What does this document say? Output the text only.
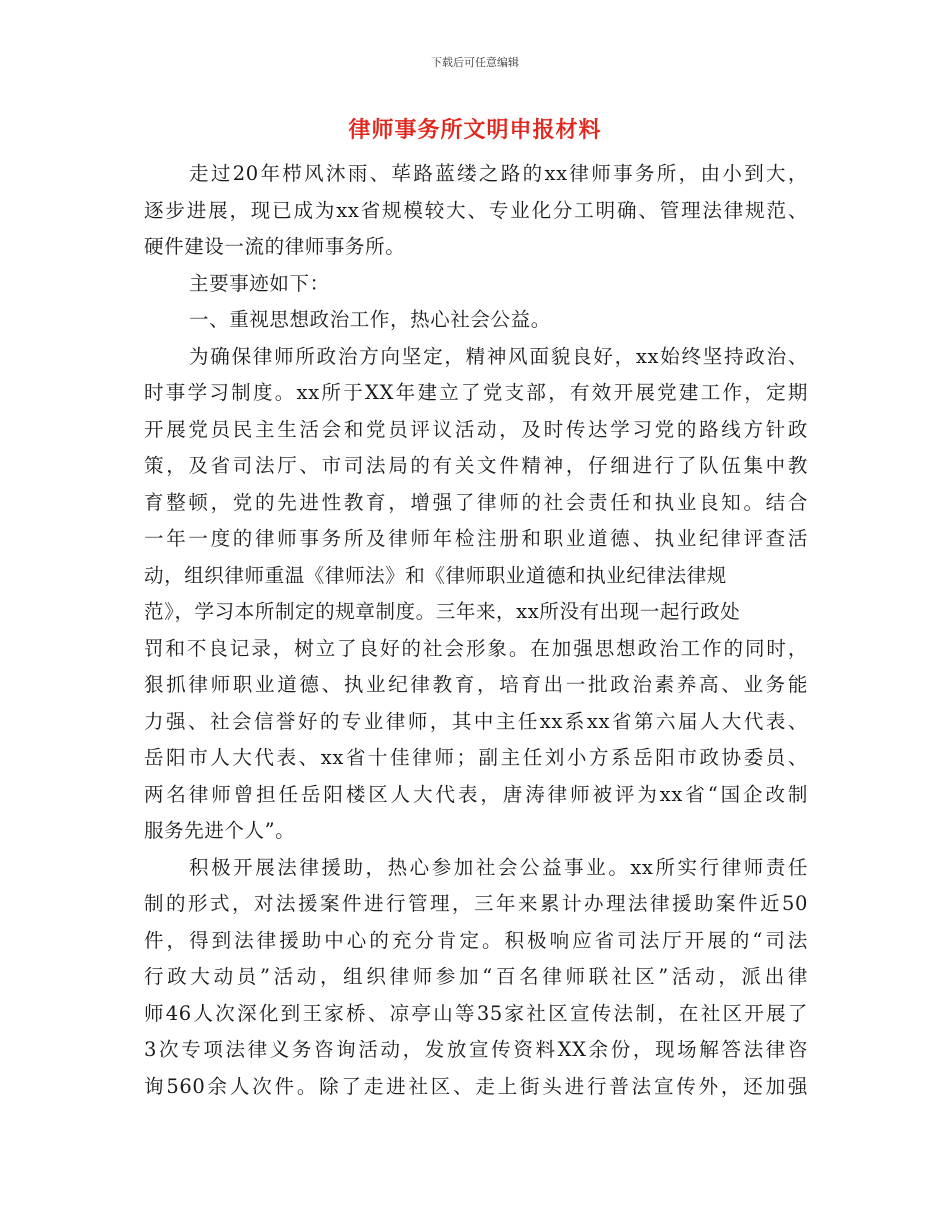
下载后可任意编辑
律师事务所文明申报材料
走过20年栉风沐雨、荜路蓝缕之路的xx律师事务所，由小到大，
逐步进展，现已成为xx省规模较大、专业化分工明确、管理法律规范、
硬件建设一流的律师事务所。
主要事迹如下：
一、重视思想政治工作，热心社会公益。
为确保律师所政治方向坚定，精神风面貌良好，xx始终坚持政治、
时事学习制度。xx所于XX年建立了党支部，有效开展党建工作，定期
开展党员民主生活会和党员评议活动，及时传达学习党的路线方针政
策，及省司法厅、市司法局的有关文件精神，仔细进行了队伍集中教
育整顿，党的先进性教育，增强了律师的社会责任和执业良知。结合
一年一度的律师事务所及律师年检注册和职业道德、执业纪律评查活
动，组织律师重温《律师法》和《律师职业道德和执业纪律法律规
范》，学习本所制定的规章制度。三年来，xx所没有出现一起行政处
罚和不良记录，树立了良好的社会形象。在加强思想政治工作的同时，
狠抓律师职业道德、执业纪律教育，培育出一批政治素养高、业务能
力强、社会信誉好的专业律师，其中主任xx系xx省第六届人大代表、
岳阳市人大代表、xx省十佳律师；副主任刘小方系岳阳市政协委员、
两名律师曾担任岳阳楼区人大代表，唐涛律师被评为xx省“国企改制
服务先进个人”。
积极开展法律援助，热心参加社会公益事业。xx所实行律师责任
制的形式，对法援案件进行管理，三年来累计办理法律援助案件近50
件，得到法律援助中心的充分肯定。积极响应省司法厅开展的“司法
行政大动员”活动，组织律师参加“百名律师联社区”活动，派出律
师46人次深化到王家桥、凉亭山等35家社区宣传法制，在社区开展了
3次专项法律义务咨询活动，发放宣传资料XX余份，现场解答法律咨
询560余人次件。除了走进社区、走上街头进行普法宣传外，还加强
